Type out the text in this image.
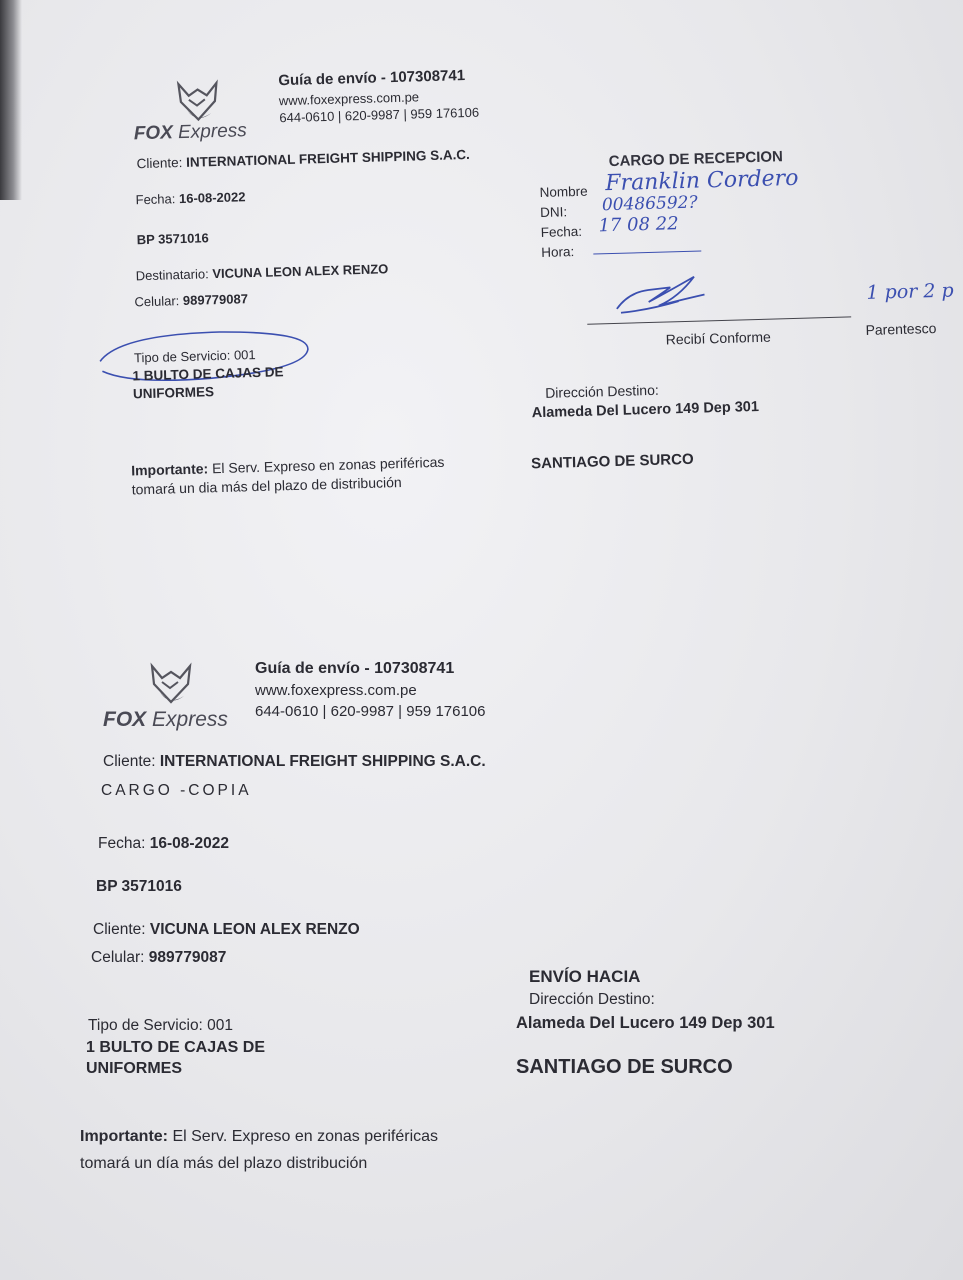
FOX Express
Guía de envío - 107308741
www.foxexpress.com.pe
644-0610 | 620-9987 | 959 176106
Cliente: INTERNATIONAL FREIGHT SHIPPING S.A.C.
Fecha: 16-08-2022
BP 3571016
Destinatario: VICUNA LEON ALEX RENZO
Celular: 989779087
Tipo de Servicio: 001
1 BULTO DE CAJAS DE
UNIFORMES
Importante: El Serv. Expreso en zonas periféricas
tomará un dia más del plazo de distribución
CARGO DE RECEPCION
Nombre Franklin Cordero
DNI: 00486592?
Fecha: 17 08 22
Hora:
Recibí Conforme
1 por 2 p
Parentesco
Dirección Destino:
Alameda Del Lucero 149 Dep 301
SANTIAGO DE SURCO
FOX Express
Guía de envío - 107308741
www.foxexpress.com.pe
644-0610 | 620-9987 | 959 176106
Cliente: INTERNATIONAL FREIGHT SHIPPING S.A.C.
CARGO -COPIA
Fecha: 16-08-2022
BP 3571016
Cliente: VICUNA LEON ALEX RENZO
Celular: 989779087
ENVÍO HACIA
Dirección Destino:
Alameda Del Lucero 149 Dep 301
SANTIAGO DE SURCO
Tipo de Servicio: 001
1 BULTO DE CAJAS DE
UNIFORMES
Importante: El Serv. Expreso en zonas periféricas
tomará un día más del plazo distribución
